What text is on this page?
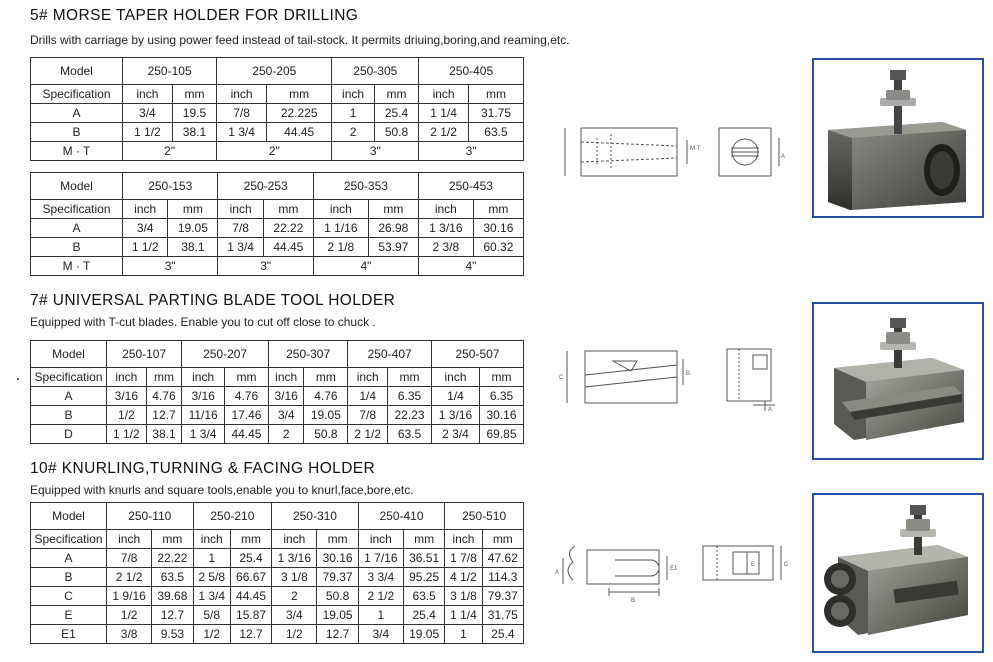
5# MORSE TAPER HOLDER FOR DRILLING
Drills with carriage by using power feed instead of tail-stock. It permits driuing,boring,and reaming,etc.
Model	250-105		250-205		250-305		250-405	
Specification	inch	mm	inch	mm	inch	mm	inch	mm
A	3/4	19.5	7/8	22.225	1	25.4	1 1/4	31.75
B	1 1/2	38.1	1 3/4	44.45	2	50.8	2 1/2	63.5
M · T	2"		2"		3"		3"	
Model	250-153		250-253		250-353		250-453	
Specification	inch	mm	inch	mm	inch	mm	inch	mm
A	3/4	19.05	7/8	22.22	1 1/16	26.98	1 3/16	30.16
B	1 1/2	38.1	1 3/4	44.45	2 1/8	53.97	2 3/8	60.32
M · T	3"		3"		4"		4"	
M·T
A
7# UNIVERSAL PARTING BLADE TOOL HOLDER
Equipped with T-cut blades. Enable you to cut off close to chuck .
Model	250-107		250-207		250-307		250-407		250-507	
Specification	inch	mm	inch	mm	inch	mm	inch	mm	inch	mm
A	3/16	4.76	3/16	4.76	3/16	4.76	1/4	6.35	1/4	6.35
B	1/2	12.7	11/16	17.46	3/4	19.05	7/8	22.23	1 3/16	30.16
D	1 1/2	38.1	1 3/4	44.45	2	50.8	2 1/2	63.5	2 3/4	69.85
C
B
A
10# KNURLING,TURNING & FACING HOLDER
Equipped with knurls and square tools,enable you to knurl,face,bore,etc.
Model	250-110		250-210		250-310		250-410		250-510	
Specification	inch	mm	inch	mm	inch	mm	inch	mm	inch	mm
A	7/8	22.22	1	25.4	1 3/16	30.16	1 7/16	36.51	1 7/8	47.62
B	2 1/2	63.5	2 5/8	66.67	3 1/8	79.37	3 3/4	95.25	4 1/2	114.3
C	1 9/16	39.68	1 3/4	44.45	2	50.8	2 1/2	63.5	3 1/8	79.37
E	1/2	12.7	5/8	15.87	3/4	19.05	1	25.4	1 1/4	31.75
E1	3/8	9.53	1/2	12.7	1/2	12.7	3/4	19.05	1	25.4
A
B
E1
E	C
